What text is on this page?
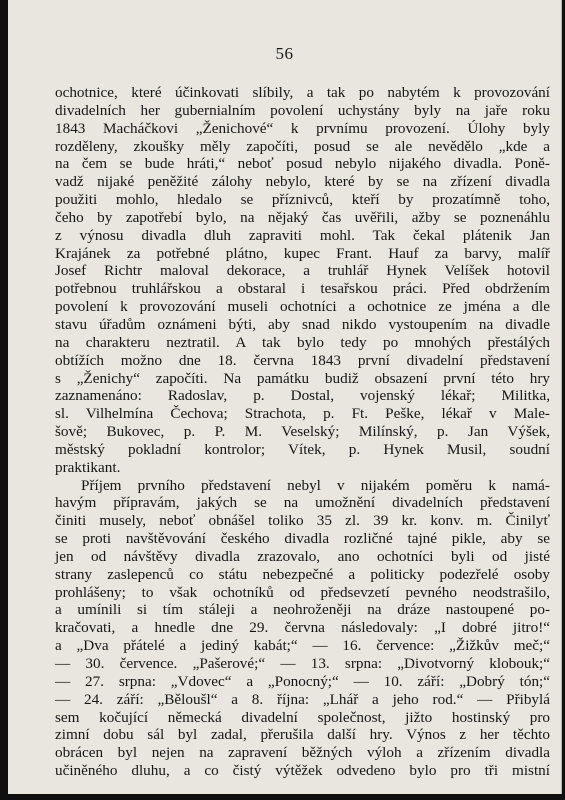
56
ochotnice, které účinkovati slíbily, a tak po nabytém k provozování
divadelních her gubernialním povolení uchystány byly na jaře roku
1843 Macháčkovi „Ženichové“ k prvnímu provození. Úlohy byly
rozděleny, zkoušky měly započíti, posud se ale nevědělo „kde a
na čem se bude hráti,“ neboť posud nebylo nijakého divadla. Poně-
vadž nijaké peněžité zálohy nebylo, které by se na zřízení divadla
použiti mohlo, hledalo se příznivců, kteří by prozatímně toho,
čeho by zapotřebí bylo, na nějaký čas uvěřili, ažby se poznenáhlu
z výnosu divadla dluh zapraviti mohl. Tak čekal plátenik Jan
Krajánek za potřebné plátno, kupec Frant. Hauf za barvy, malíř
Josef Richtr maloval dekorace, a truhlář Hynek Velíšek hotovil
potřebnou truhlářskou a obstaral i tesařskou práci. Před obdržením
povolení k provozování museli ochotníci a ochotnice ze jména a dle
stavu úřadům oznámeni býti, aby snad nikdo vystoupením na divadle
na charakteru neztratil. A tak bylo tedy po mnohých přestálých
obtížích možno dne 18. června 1843 první divadelní představení
s „Ženichy“ započíti. Na památku budiž obsazení první této hry
zaznamenáno: Radoslav, p. Dostal, vojenský lékař; Militka,
sl. Vilhelmína Čechova; Strachota, p. Ft. Peške, lékař v Male-
šově; Bukovec, p. P. M. Veselský; Milínský, p. Jan Výšek,
městský pokladní kontrolor; Vítek, p. Hynek Musil, soudní
praktikant.
Příjem prvního představení nebyl v nijakém poměru k namá-
havým přípravám, jakých se na umožnění divadelních představení
činiti musely, neboť obnášel toliko 35 zl. 39 kr. konv. m. Činilyť
se proti navštěvování českého divadla rozličné tajné pikle, aby se
jen od návštěvy divadla zrazovalo, ano ochotníci byli od jisté
strany zaslepenců co státu nebezpečné a politicky podezřelé osoby
prohlášeny; to však ochotníků od předsevzetí pevného neodstrašilo,
a umínili si tím stáleji a neohroženěji na dráze nastoupené po-
kračovati, a hnedle dne 29. června následovaly: „I dobré jitro!“
a „Dva přátelé a jediný kabát;“ — 16. července: „Žižkův meč;“
— 30. července. „Pašerové;“ — 13. srpna: „Divotvorný klobouk;“
— 27. srpna: „Vdovec“ a „Ponocný;“ — 10. září: „Dobrý tón;“
— 24. září: „Běloušl“ a 8. října: „Lhář a jeho rod.“ — Přibylá
sem kočující německá divadelní společnost, jižto hostinský pro
zimní dobu sál byl zadal, přerušila další hry. Výnos z her těchto
obrácen byl nejen na zapravení běžných výloh a zřízením divadla
učiněného dluhu, a co čistý výtěžek odvedeno bylo pro tři mistní
